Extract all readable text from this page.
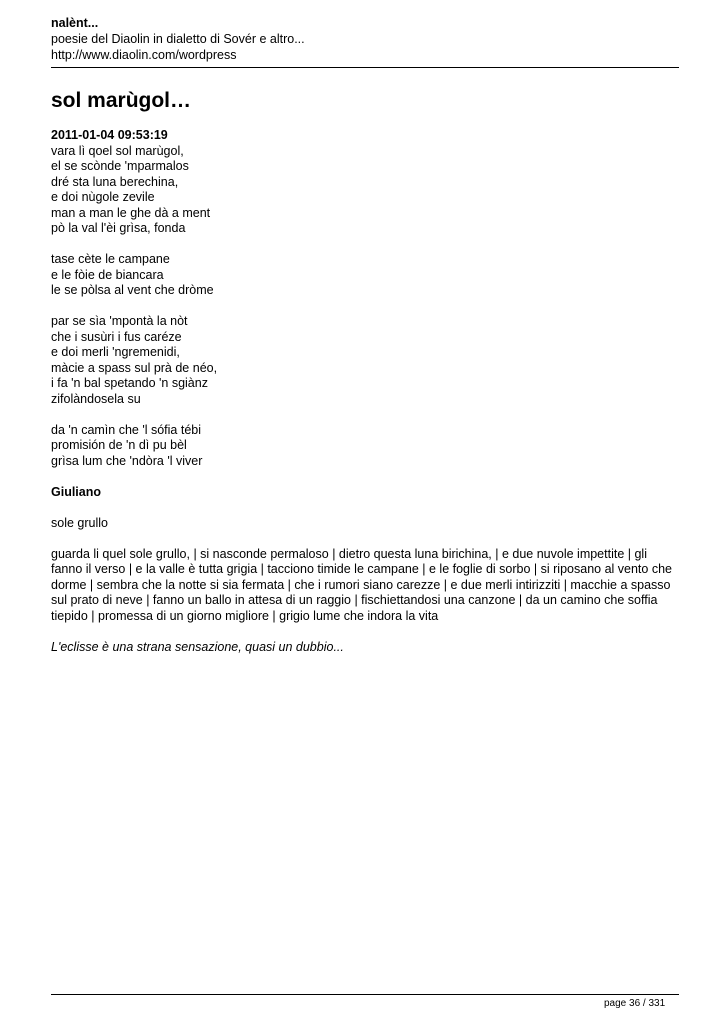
nalènt...

poesie del Diaolin in dialetto di Sovér e altro...

http://www.diaolin.com/wordpress

sol marùgol…

2011-01-04 09:53:19

vara lì qoel sol marùgol,

el se scònde 'mparmalos

dré sta luna berechina,

e doi nùgole zevile

man a man le ghe dà a ment

pò la val l'èi grìsa, fonda

tase cète le campane

e le fòie de biancara

le se pòlsa al vent che dròme

par se sìa 'mpontà la nòt

che i susùri i fus caréze

e doi merli 'ngremenidi,

màcie a spass sul prà de néo,

i fa 'n bal spetando 'n sgiànz

zifolàndosela su

da 'n camìn che 'l sófia tébi

promisión de 'n dì pu bèl

grìsa lum che 'ndòra 'l viver

Giuliano

sole grullo

guarda li quel sole grullo, | si nasconde permaloso | dietro questa luna birichina, | e due nuvole impettite | gli fanno il verso | e la valle è tutta grigia | tacciono timide le campane | e le foglie di sorbo | si riposano al vento che dorme | sembra che la notte si sia fermata | che i rumori siano carezze | e due merli intirizziti | macchie a spasso sul prato di neve | fanno un ballo in attesa di un raggio | fischiettandosi una canzone | da un camino che soffia tiepido | promessa di un giorno migliore | grigio lume che indora la vita

L'eclisse è una strana sensazione, quasi un dubbio...

page 36 / 331
